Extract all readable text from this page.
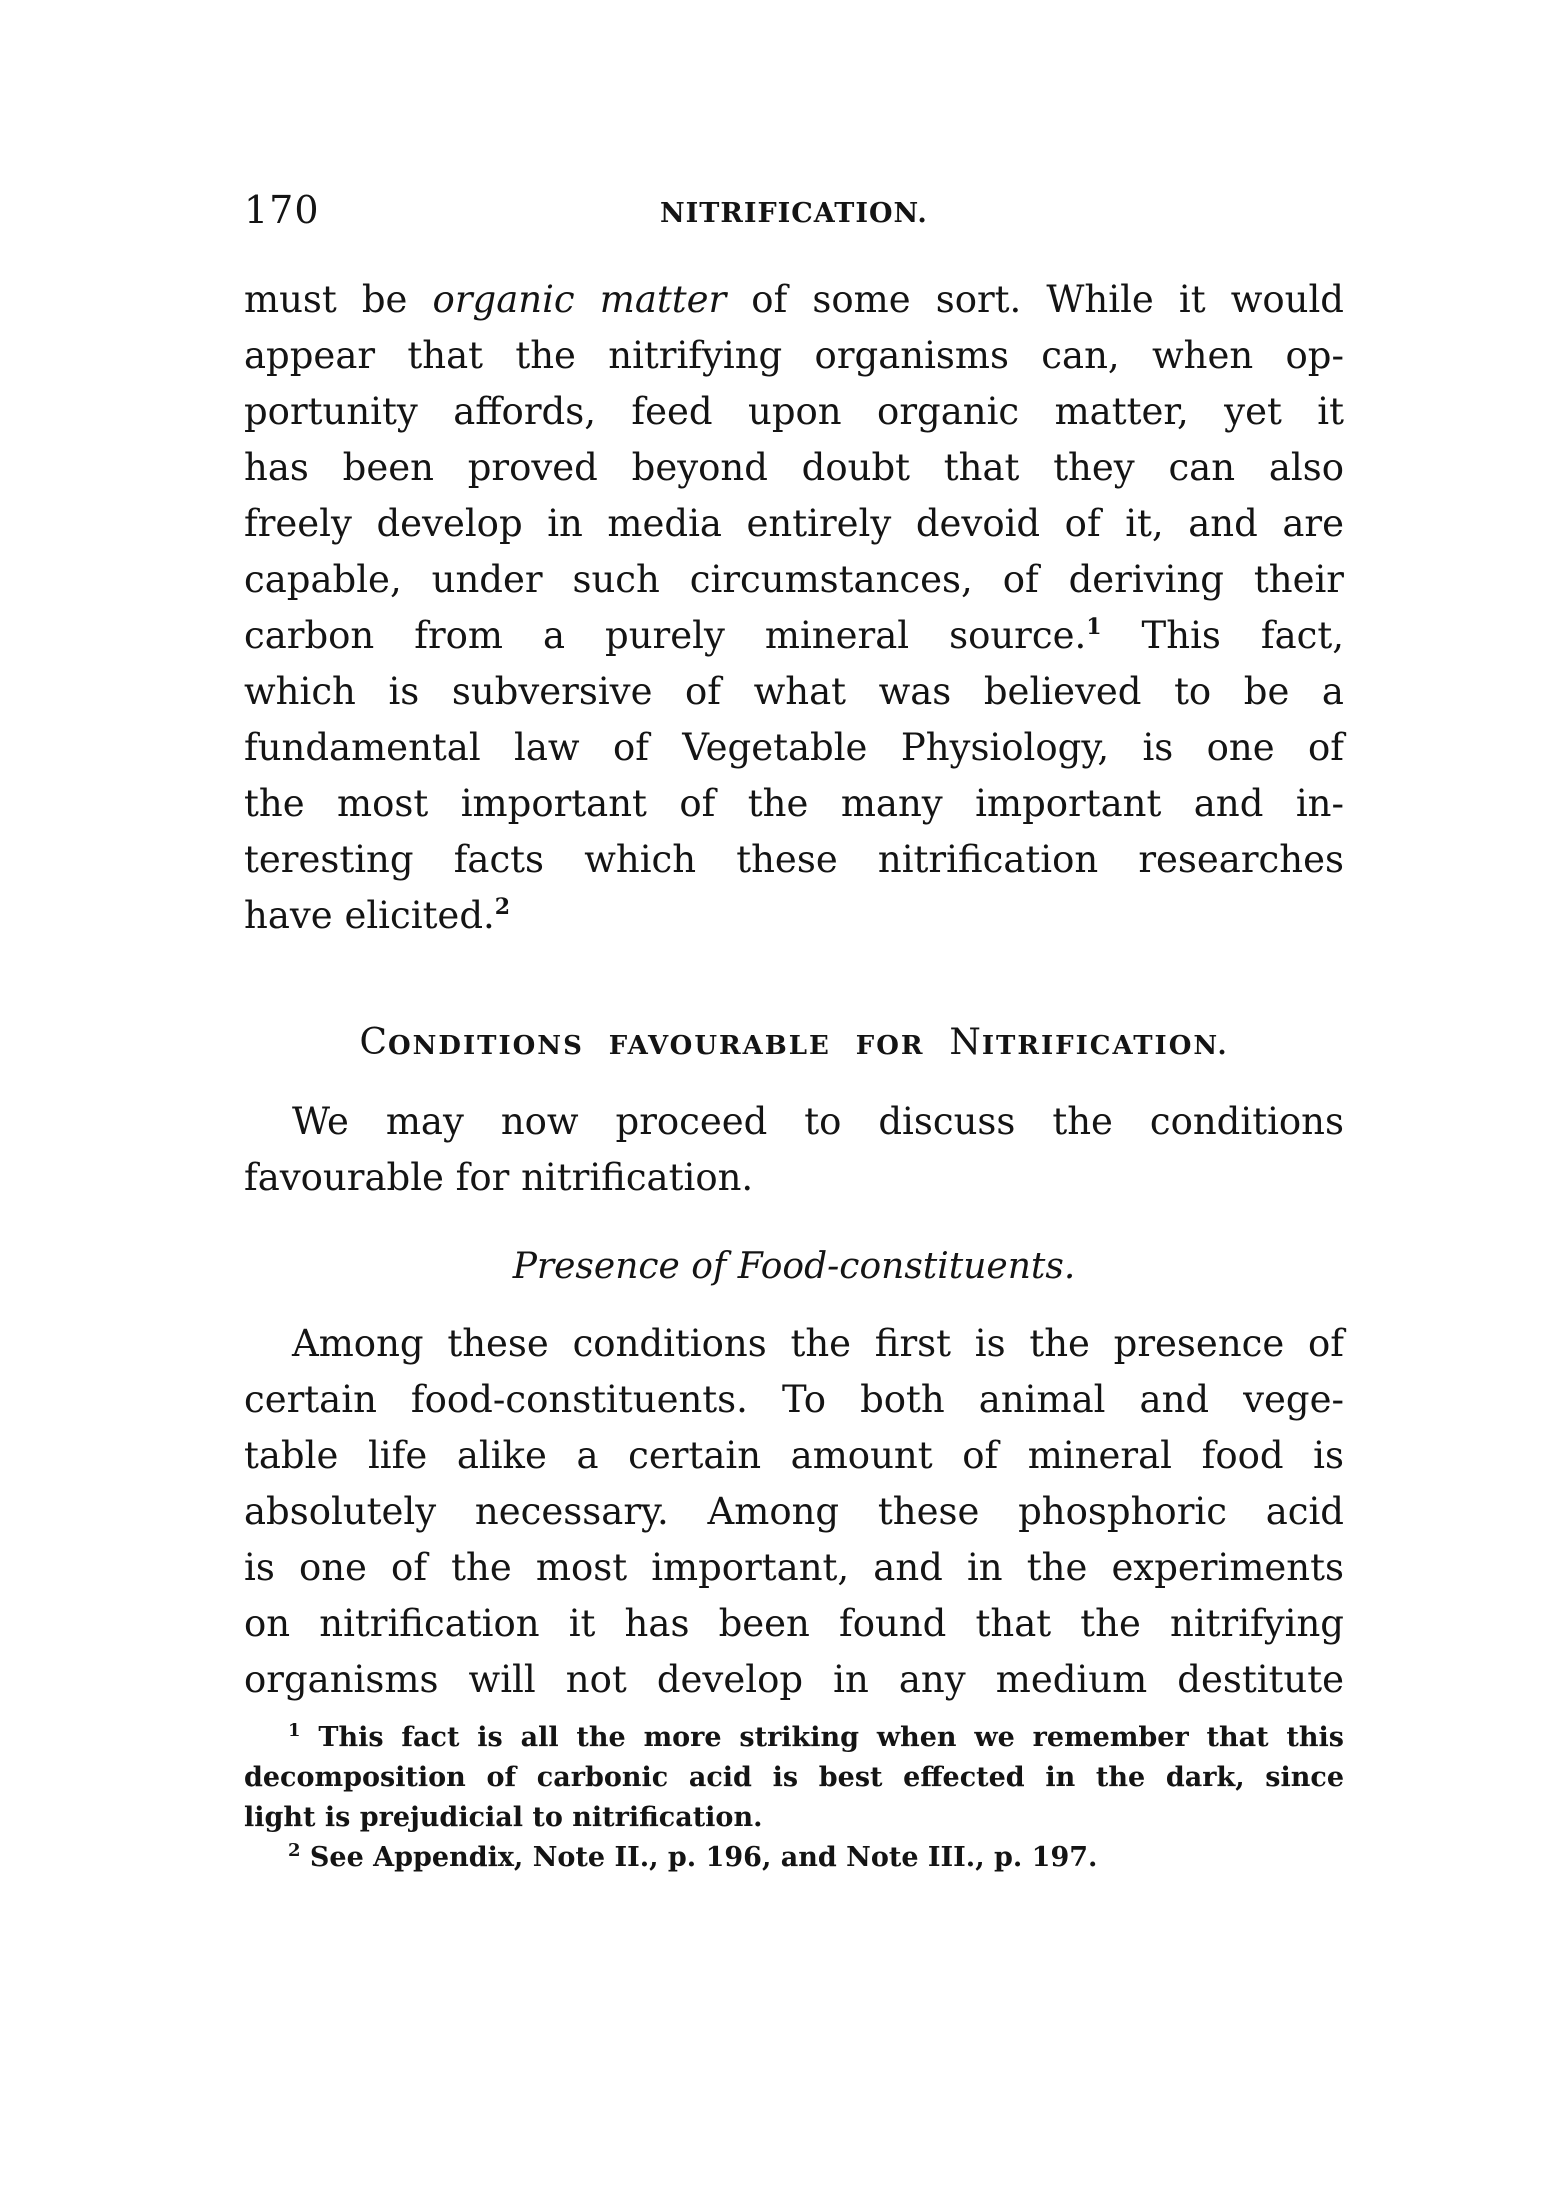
170	NITRIFICATION.
must be organic matter of some sort. While it would
appear that the nitrifying organisms can, when op-
portunity affords, feed upon organic matter, yet it
has been proved beyond doubt that they can also
freely develop in media entirely devoid of it, and are
capable, under such circumstances, of deriving their
carbon from a purely mineral source.$^1$ This fact,
which is subversive of what was believed to be a
fundamental law of Vegetable Physiology, is one of
the most important of the many important and in-
teresting facts which these nitrification researches
have elicited.$^2$
CONDITIONS FAVOURABLE FOR NITRIFICATION.
We may now proceed to discuss the conditions
favourable for nitrification.
Presence of Food-constituents.
Among these conditions the first is the presence of
certain food-constituents. To both animal and vege-
table life alike a certain amount of mineral food is
absolutely necessary. Among these phosphoric acid
is one of the most important, and in the experiments
on nitrification it has been found that the nitrifying
organisms will not develop in any medium destitute
$^1$ This fact is all the more striking when we remember that this
decomposition of carbonic acid is best effected in the dark, since
light is prejudicial to nitrification.
$^2$ See Appendix, Note II., p. 196, and Note III., p. 197.
